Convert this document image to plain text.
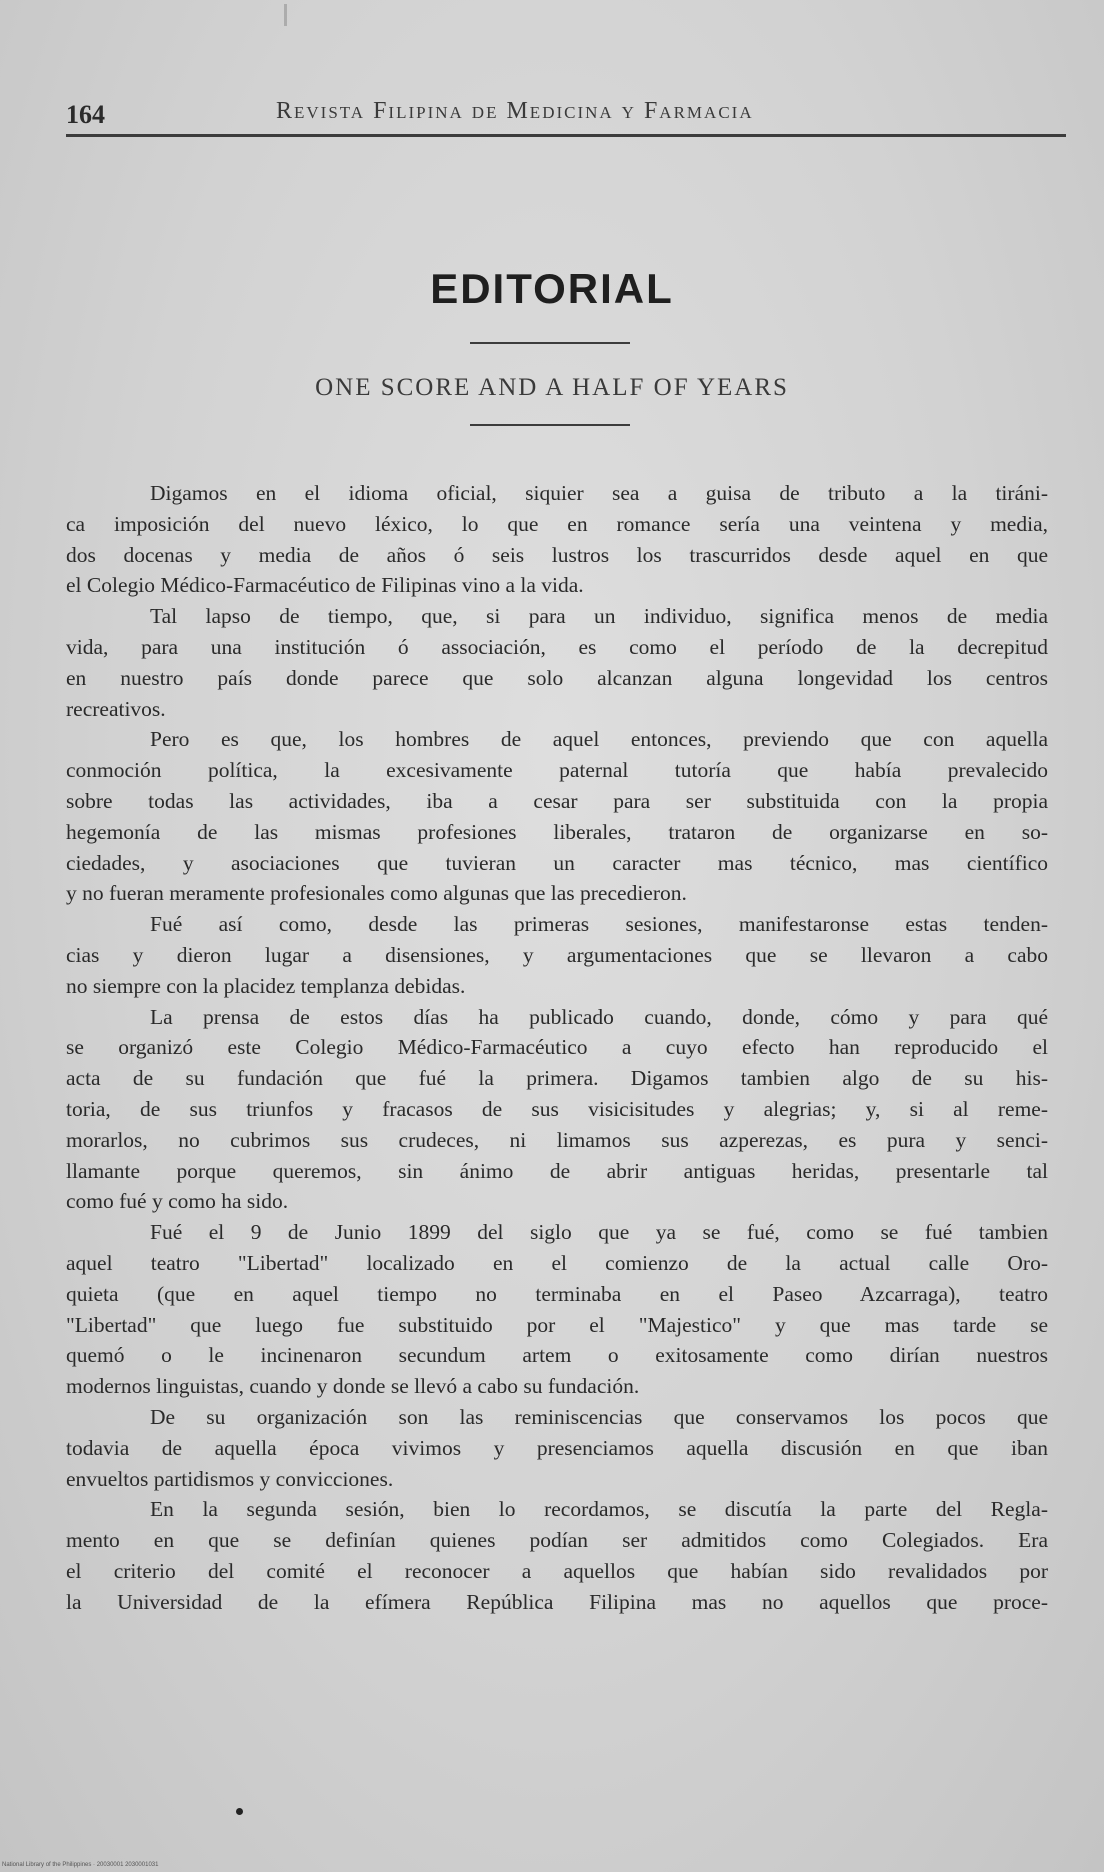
164	Revista Filipina de Medicina y Farmacia
EDITORIAL
ONE SCORE AND A HALF OF YEARS
Digamos en el idioma oficial, siquier sea a guisa de tributo a la tiráni-
ca imposición del nuevo léxico, lo que en romance sería una veintena y media,
dos docenas y media de años ó seis lustros los trascurridos desde aquel en que
el Colegio Médico-Farmacéutico de Filipinas vino a la vida.
Tal lapso de tiempo, que, si para un individuo, significa menos de media
vida, para una institución ó associación, es como el período de la decrepitud
en nuestro país donde parece que solo alcanzan alguna longevidad los centros
recreativos.
Pero es que, los hombres de aquel entonces, previendo que con aquella
conmoción política, la excesivamente paternal tutoría que había prevalecido
sobre todas las actividades, iba a cesar para ser substituida con la propia
hegemonía de las mismas profesiones liberales, trataron de organizarse en so-
ciedades, y asociaciones que tuvieran un caracter mas técnico, mas científico
y no fueran meramente profesionales como algunas que las precedieron.
Fué así como, desde las primeras sesiones, manifestaronse estas tenden-
cias y dieron lugar a disensiones, y argumentaciones que se llevaron a cabo
no siempre con la placidez templanza debidas.
La prensa de estos días ha publicado cuando, donde, cómo y para qué
se organizó este Colegio Médico-Farmacéutico a cuyo efecto han reproducido el
acta de su fundación que fué la primera. Digamos tambien algo de su his-
toria, de sus triunfos y fracasos de sus visicisitudes y alegrias; y, si al reme-
morarlos, no cubrimos sus crudeces, ni limamos sus azperezas, es pura y senci-
llamante porque queremos, sin ánimo de abrir antiguas heridas, presentarle tal
como fué y como ha sido.
Fué el 9 de Junio 1899 del siglo que ya se fué, como se fué tambien
aquel teatro "Libertad" localizado en el comienzo de la actual calle Oro-
quieta (que en aquel tiempo no terminaba en el Paseo Azcarraga), teatro
"Libertad" que luego fue substituido por el "Majestico" y que mas tarde se
quemó o le incinenaron secundum artem o exitosamente como dirían nuestros
modernos linguistas, cuando y donde se llevó a cabo su fundación.
De su organización son las reminiscencias que conservamos los pocos que
todavia de aquella época vivimos y presenciamos aquella discusión en que iban
envueltos partidismos y convicciones.
En la segunda sesión, bien lo recordamos, se discutía la parte del Regla-
mento en que se definían quienes podían ser admitidos como Colegiados. Era
el criterio del comité el reconocer a aquellos que habían sido revalidados por
la Universidad de la efímera República Filipina mas no aquellos que proce-
National Library of the Philippines · 20030001 2030001031
